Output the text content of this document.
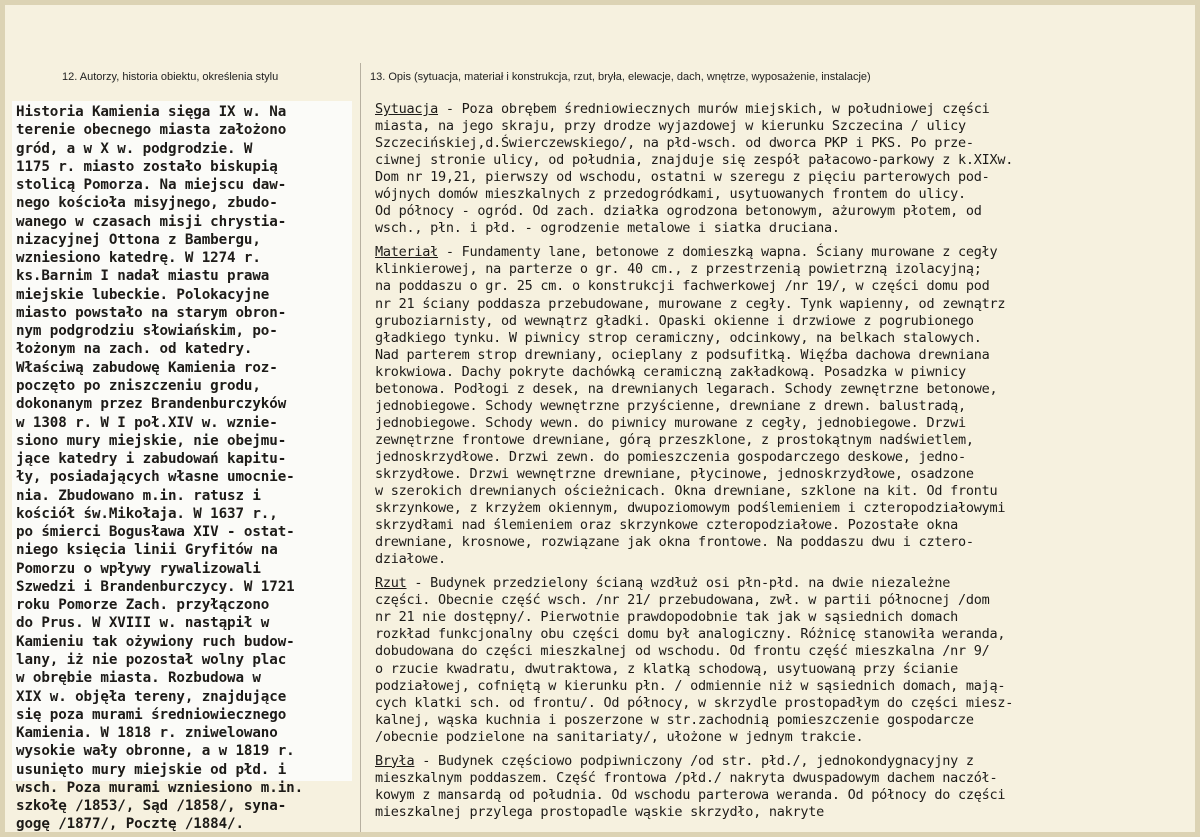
12. Autorzy, historia obiektu, określenia stylu	13. Opis (sytuacja, materiał i konstrukcja, rzut, bryła, elewacje, dach, wnętrze, wyposażenie, instalacje)
Historia Kamienia sięga IX w. Na
terenie obecnego miasta założono
gród, a w X w. podgrodzie. W
1175 r. miasto zostało biskupią
stolicą Pomorza. Na miejscu daw-
nego kościoła misyjnego, zbudo-
wanego w czasach misji chrystia-
nizacyjnej Ottona z Bambergu,
wzniesiono katedrę. W 1274 r.
ks.Barnim I nadał miastu prawa
miejskie lubeckie. Polokacyjne
miasto powstało na starym obron-
nym podgrodziu słowiańskim, po-
łożonym na zach. od katedry.
Właściwą zabudowę Kamienia roz-
poczęto po zniszczeniu grodu,
dokonanym przez Brandenburczyków
w 1308 r. W I poł.XIV w. wznie-
siono mury miejskie, nie obejmu-
jące katedry i zabudowań kapitu-
ły, posiadających własne umocnie-
nia. Zbudowano m.in. ratusz i
kościół św.Mikołaja. W 1637 r.,
po śmierci Bogusława XIV - ostat-
niego księcia linii Gryfitów na
Pomorzu o wpływy rywalizowali
Szwedzi i Brandenburczycy. W 1721
roku Pomorze Zach. przyłączono
do Prus. W XVIII w. nastąpił w
Kamieniu tak ożywiony ruch budow-
lany, iż nie pozostał wolny plac
w obrębie miasta. Rozbudowa w
XIX w. objęła tereny, znajdujące
się poza murami średniowiecznego
Kamienia. W 1818 r. zniwelowano
wysokie wały obronne, a w 1819 r.
usunięto mury miejskie od płd. i
wsch. Poza murami wzniesiono m.in.
szkołę /1853/, Sąd /1858/, syna-
gogę /1877/, Pocztę /1884/.
Sytuacja - Poza obrębem średniowiecznych murów miejskich, w południowej części
miasta, na jego skraju, przy drodze wyjazdowej w kierunku Szczecina / ulicy
Szczecińskiej,d.Świerczewskiego/, na płd-wsch. od dworca PKP i PKS. Po prze-
ciwnej stronie ulicy, od południa, znajduje się zespół pałacowo-parkowy z k.XIXw.
Dom nr 19,21, pierwszy od wschodu, ostatni w szeregu z pięciu parterowych pod-
wójnych domów mieszkalnych z przedogródkami, usytuowanych frontem do ulicy.
Od północy - ogród. Od zach. działka ogrodzona betonowym, ażurowym płotem, od
wsch., płn. i płd. - ogrodzenie metalowe i siatka druciana.
Materiał - Fundamenty lane, betonowe z domieszką wapna. Ściany murowane z cegły
klinkierowej, na parterze o gr. 40 cm., z przestrzenią powietrzną izolacyjną;
na poddaszu o gr. 25 cm. o konstrukcji fachwerkowej /nr 19/, w części domu pod
nr 21 ściany poddasza przebudowane, murowane z cegły. Tynk wapienny, od zewnątrz
gruboziarnisty, od wewnątrz gładki. Opaski okienne i drzwiowe z pogrubionego
gładkiego tynku. W piwnicy strop ceramiczny, odcinkowy, na belkach stalowych.
Nad parterem strop drewniany, ocieplany z podsufitką. Więźba dachowa drewniana
krokwiowa. Dachy pokryte dachówką ceramiczną zakładkową. Posadzka w piwnicy
betonowa. Podłogi z desek, na drewnianych legarach. Schody zewnętrzne betonowe,
jednobiegowe. Schody wewnętrzne przyścienne, drewniane z drewn. balustradą,
jednobiegowe. Schody wewn. do piwnicy murowane z cegły, jednobiegowe. Drzwi
zewnętrzne frontowe drewniane, górą przeszklone, z prostokątnym nadświetlem,
jednoskrzydłowe. Drzwi zewn. do pomieszczenia gospodarczego deskowe, jedno-
skrzydłowe. Drzwi wewnętrzne drewniane, płycinowe, jednoskrzydłowe, osadzone
w szerokich drewnianych ościeżnicach. Okna drewniane, szklone na kit. Od frontu
skrzynkowe, z krzyżem okiennym, dwupoziomowym podślemieniem i czteropodziałowymi
skrzydłami nad ślemieniem oraz skrzynkowe czteropodziałowe. Pozostałe okna
drewniane, krosnowe, rozwiązane jak okna frontowe. Na poddaszu dwu i cztero-
działowe.
Rzut - Budynek przedzielony ścianą wzdłuż osi płn-płd. na dwie niezależne
części. Obecnie część wsch. /nr 21/ przebudowana, zwł. w partii północnej /dom
nr 21 nie dostępny/. Pierwotnie prawdopodobnie tak jak w sąsiednich domach
rozkład funkcjonalny obu części domu był analogiczny. Różnicę stanowiła weranda,
dobudowana do części mieszkalnej od wschodu. Od frontu część mieszkalna /nr 9/
o rzucie kwadratu, dwutraktowa, z klatką schodową, usytuowaną przy ścianie
podziałowej, cofniętą w kierunku płn. / odmiennie niż w sąsiednich domach, mają-
cych klatki sch. od frontu/. Od północy, w skrzydle prostopadłym do części miesz-
kalnej, wąska kuchnia i poszerzone w str.zachodnią pomieszczenie gospodarcze
/obecnie podzielone na sanitariaty/, ułożone w jednym trakcie.
Bryła - Budynek częściowo podpiwniczony /od str. płd./, jednokondygnacyjny z
mieszkalnym poddaszem. Część frontowa /płd./ nakryta dwuspadowym dachem naczół-
kowym z mansardą od południa. Od wschodu parterowa weranda. Od północy do części
mieszkalnej przylega prostopadle wąskie skrzydło, nakryte
